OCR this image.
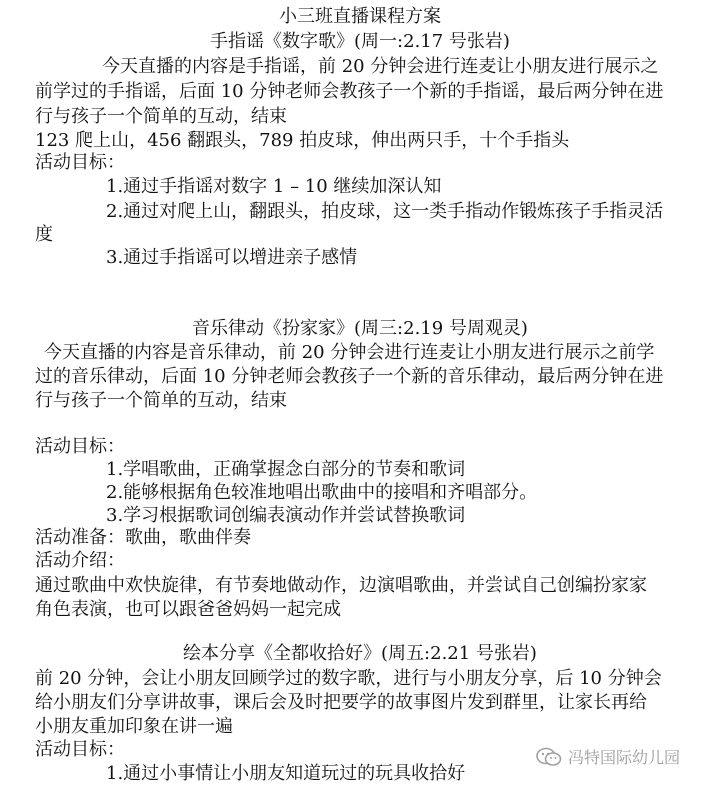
小三班直播课程方案
手指谣《数字歌》(周一:2.17 号张岩)
今天直播的内容是手指谣，前 20 分钟会进行连麦让小朋友进行展示之
前学过的手指谣，后面 10 分钟老师会教孩子一个新的手指谣，最后两分钟在进
行与孩子一个简单的互动，结束
123 爬上山，456 翻跟头，789 拍皮球，伸出两只手，十个手指头
活动目标：
1.通过手指谣对数字 1 – 10 继续加深认知
2.通过对爬上山，翻跟头，拍皮球，这一类手指动作锻炼孩子手指灵活
度
3.通过手指谣可以增进亲子感情
音乐律动《扮家家》(周三:2.19 号周观灵)
今天直播的内容是音乐律动，前 20 分钟会进行连麦让小朋友进行展示之前学
过的音乐律动，后面 10 分钟老师会教孩子一个新的音乐律动，最后两分钟在进
行与孩子一个简单的互动，结束
活动目标：
1.学唱歌曲，正确掌握念白部分的节奏和歌词
2.能够根据角色较准地唱出歌曲中的接唱和齐唱部分。
3.学习根据歌词创编表演动作并尝试替换歌词
活动准备：歌曲，歌曲伴奏
活动介绍：
通过歌曲中欢快旋律，有节奏地做动作，边演唱歌曲，并尝试自己创编扮家家
角色表演，也可以跟爸爸妈妈一起完成
绘本分享《全都收拾好》(周五:2.21 号张岩)
前 20 分钟，会让小朋友回顾学过的数字歌，进行与小朋友分享，后 10 分钟会
给小朋友们分享讲故事，课后会及时把要学的故事图片发到群里，让家长再给
小朋友重加印象在讲一遍
活动目标：
1.通过小事情让小朋友知道玩过的玩具收拾好
冯特国际幼儿园
